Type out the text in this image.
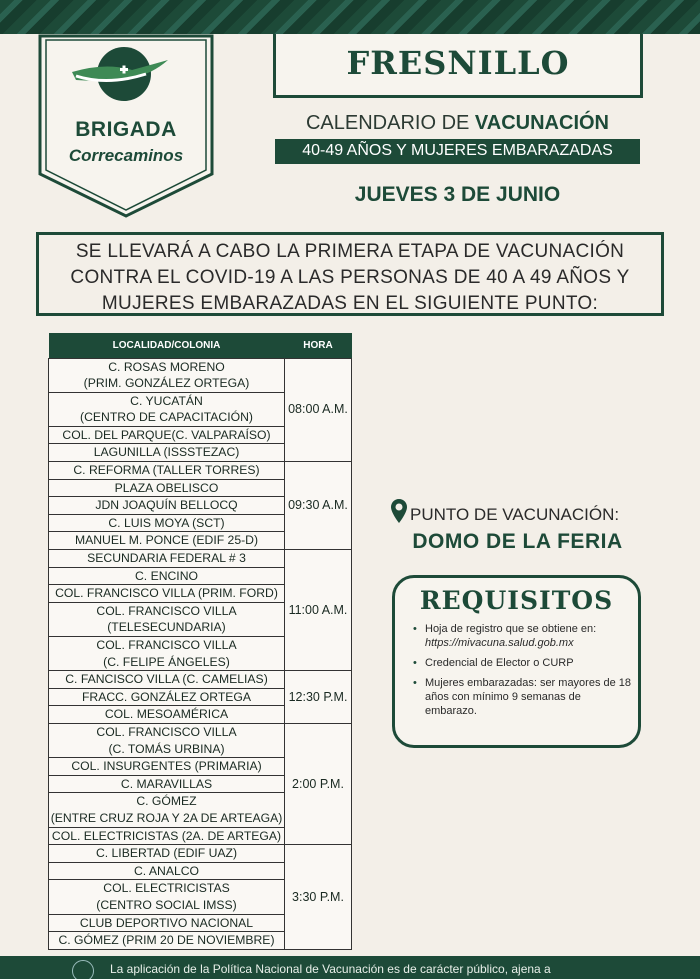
BRIGADA
Correcaminos
FRESNILLO
CALENDARIO DE VACUNACIÓN
40-49 AÑOS Y MUJERES EMBARAZADAS
JUEVES 3 DE JUNIO
SE LLEVARÁ A CABO LA PRIMERA ETAPA DE VACUNACIÓN
CONTRA EL COVID-19 A LAS PERSONAS DE 40 A 49 AÑOS Y
MUJERES EMBARAZADAS EN EL SIGUIENTE PUNTO:
LOCALIDAD/COLONIA	HORA

C. ROSAS MORENO
(PRIM. GONZÁLEZ ORTEGA)	08:00 A.M.

C. YUCATÁN
(CENTRO DE CAPACITACIÓN)	

COL. DEL PARQUE(C. VALPARAÍSO)	

LAGUNILLA (ISSSTEZAC)	

C. REFORMA (TALLER TORRES)	09:30 A.M.

PLAZA OBELISCO	

JDN JOAQUÍN BELLOCQ	

C. LUIS MOYA (SCT)	

MANUEL M. PONCE (EDIF 25-D)	

SECUNDARIA FEDERAL # 3	11:00 A.M.

C. ENCINO	

COL. FRANCISCO VILLA (PRIM. FORD)	

COL. FRANCISCO VILLA
(TELESECUNDARIA)	

COL. FRANCISCO VILLA
(C. FELIPE ÁNGELES)	

C. FANCISCO VILLA (C. CAMELIAS)	12:30 P.M.

FRACC. GONZÁLEZ ORTEGA	

COL. MESOAMÉRICA	

COL. FRANCISCO VILLA
(C. TOMÁS URBINA)	2:00 P.M.

COL. INSURGENTES (PRIMARIA)	

C. MARAVILLAS	

C. GÓMEZ
(ENTRE CRUZ ROJA Y 2A DE ARTEAGA)	

COL. ELECTRICISTAS (2A. DE ARTEGA)	

C. LIBERTAD (EDIF UAZ)	3:30 P.M.

C. ANALCO	

COL. ELECTRICISTAS
(CENTRO SOCIAL IMSS)	

CLUB DEPORTIVO NACIONAL	

C. GÓMEZ (PRIM 20 DE NOVIEMBRE)	
PUNTO DE VACUNACIÓN:
DOMO DE LA FERIA
REQUISITOS
• Hoja de registro que se obtiene en: https://mivacuna.salud.gob.mx
• Credencial de Elector o CURP
• Mujeres embarazadas: ser mayores de 18 años con mínimo 9 semanas de embarazo.
La aplicación de la Política Nacional de Vacunación es de carácter público, ajena a
